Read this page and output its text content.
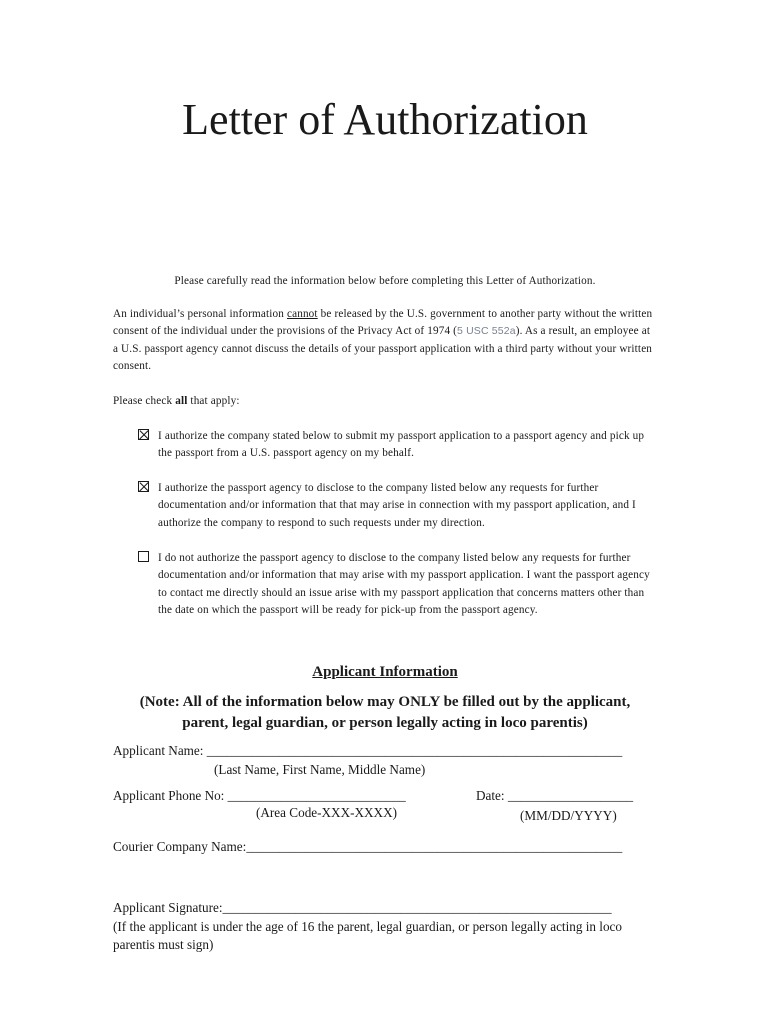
Letter of Authorization
Please carefully read the information below before completing this Letter of Authorization.
An individual’s personal information cannot be released by the U.S. government to another party without the written consent of the individual under the provisions of the Privacy Act of 1974 (5 USC 552a). As a result, an employee at a U.S. passport agency cannot discuss the details of your passport application with a third party without your written consent.
Please check all that apply:
I authorize the company stated below to submit my passport application to a passport agency and pick up the passport from a U.S. passport agency on my behalf.
I authorize the passport agency to disclose to the company listed below any requests for further documentation and/or information that that may arise in connection with my passport application, and I authorize the company to respond to such requests under my direction.
I do not authorize the passport agency to disclose to the company listed below any requests for further documentation and/or information that may arise with my passport application. I want the passport agency to contact me directly should an issue arise with my passport application that concerns matters other than the date on which the passport will be ready for pick-up from the passport agency.
Applicant Information
(Note: All of the information below may ONLY be filled out by the applicant, parent, legal guardian, or person legally acting in loco parentis)
Applicant Name: _______________________________________________________________
(Last Name, First Name, Middle Name)
Applicant Phone No: ___________________________
(Area Code-XXX-XXXX)
Date: ___________________
(MM/DD/YYYY)
Courier Company Name:_________________________________________________________
Applicant Signature:___________________________________________________________
(If the applicant is under the age of 16 the parent, legal guardian, or person legally acting in loco parentis must sign)
